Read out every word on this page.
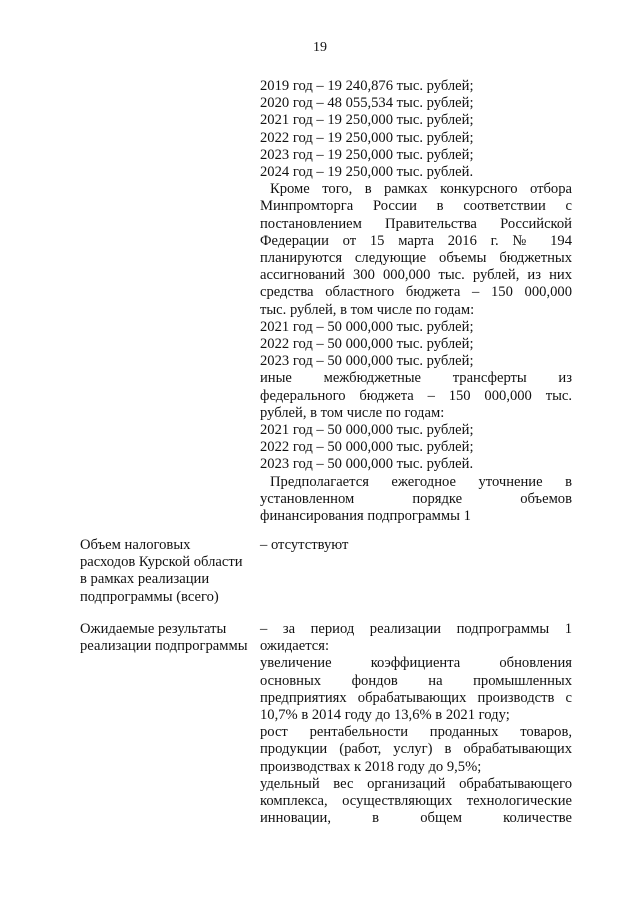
19
2019 год – 19 240,876 тыс. рублей;
2020 год – 48 055,534 тыс. рублей;
2021 год – 19 250,000 тыс. рублей;
2022 год – 19 250,000 тыс. рублей;
2023 год – 19 250,000 тыс. рублей;
2024 год – 19 250,000 тыс. рублей.
Кроме того, в рамках конкурсного отбора
Минпромторга России в соответствии с
постановлением Правительства Российской
Федерации от 15 марта 2016 г. № 194
планируются следующие объемы бюджетных
ассигнований 300 000,000 тыс. рублей, из них
средства областного бюджета – 150 000,000
тыс. рублей, в том числе по годам:
2021 год – 50 000,000 тыс. рублей;
2022 год – 50 000,000 тыс. рублей;
2023 год – 50 000,000 тыс. рублей;
иные межбюджетные трансферты из
федерального бюджета – 150 000,000 тыс.
рублей, в том числе по годам:
2021 год – 50 000,000 тыс. рублей;
2022 год – 50 000,000 тыс. рублей;
2023 год – 50 000,000 тыс. рублей.
Предполагается ежегодное уточнение в
установленном порядке объемов
финансирования подпрограммы 1
Объем налоговых
расходов Курской области
в рамках реализации
подпрограммы (всего)
– отсутствуют
Ожидаемые результаты
реализации подпрограммы
– за период реализации подпрограммы 1
ожидается:
увеличение коэффициента обновления
основных фондов на промышленных
предприятиях обрабатывающих производств с
10,7% в 2014 году до 13,6% в 2021 году;
рост рентабельности проданных товаров,
продукции (работ, услуг) в обрабатывающих
производствах к 2018 году до 9,5%;
удельный вес организаций обрабатывающего
комплекса, осуществляющих технологические
инновации, в общем количестве
